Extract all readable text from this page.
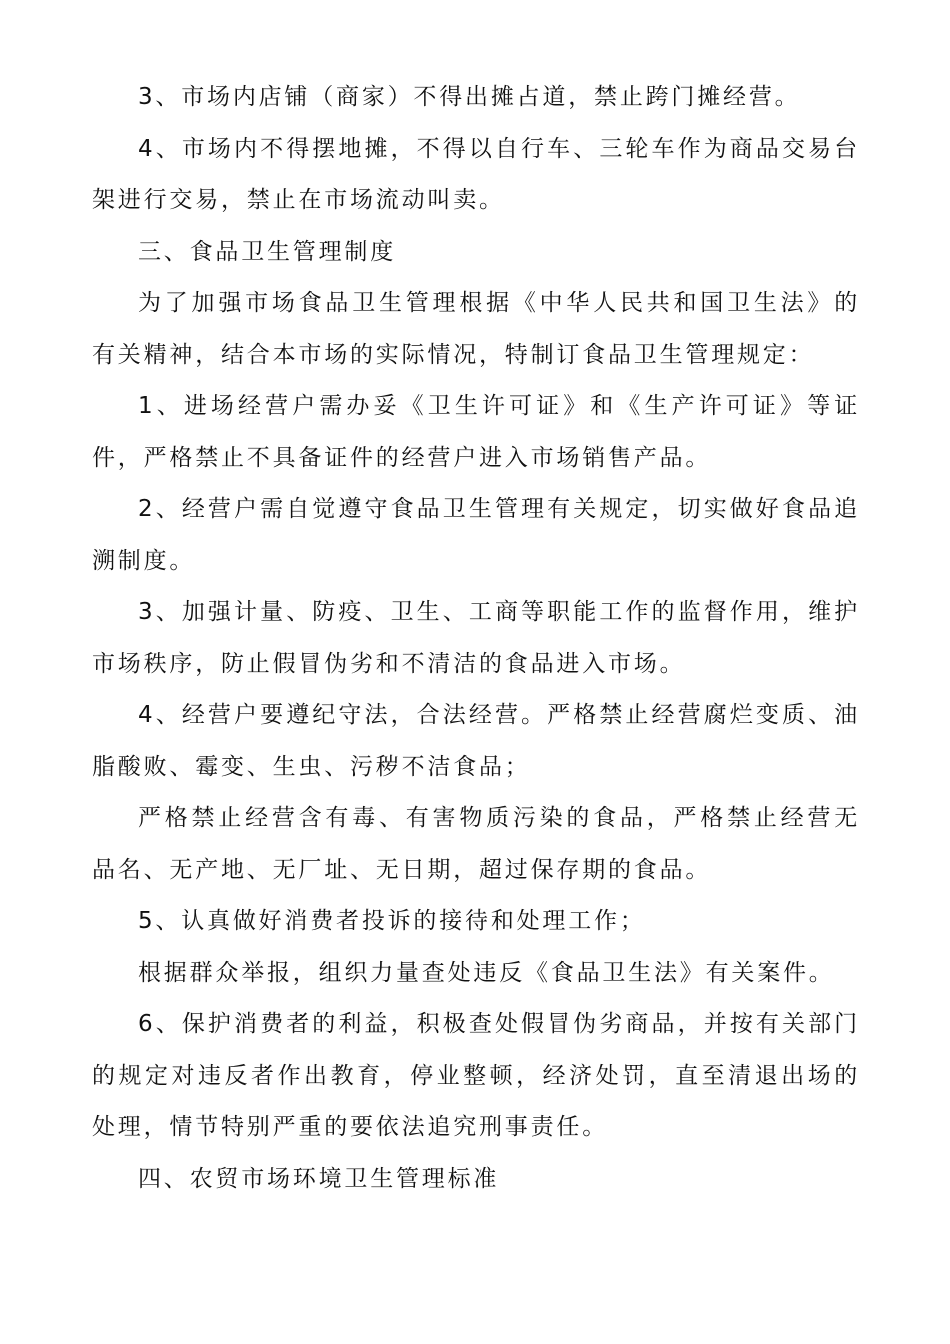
3、市场内店铺（商家）不得出摊占道，禁止跨门摊经营。

4、市场内不得摆地摊，不得以自行车、三轮车作为商品交易台架进行交易，禁止在市场流动叫卖。

三、食品卫生管理制度

为了加强市场食品卫生管理根据《中华人民共和国卫生法》的有关精神，结合本市场的实际情况，特制订食品卫生管理规定：

1、进场经营户需办妥《卫生许可证》和《生产许可证》等证件，严格禁止不具备证件的经营户进入市场销售产品。

2、经营户需自觉遵守食品卫生管理有关规定，切实做好食品追溯制度。

3、加强计量、防疫、卫生、工商等职能工作的监督作用，维护市场秩序，防止假冒伪劣和不清洁的食品进入市场。

4、经营户要遵纪守法，合法经营。严格禁止经营腐烂变质、油脂酸败、霉变、生虫、污秽不洁食品；

严格禁止经营含有毒、有害物质污染的食品，严格禁止经营无品名、无产地、无厂址、无日期，超过保存期的食品。

5、认真做好消费者投诉的接待和处理工作；

根据群众举报，组织力量查处违反《食品卫生法》有关案件。

6、保护消费者的利益，积极查处假冒伪劣商品，并按有关部门的规定对违反者作出教育，停业整顿，经济处罚，直至清退出场的处理，情节特别严重的要依法追究刑事责任。

四、农贸市场环境卫生管理标准
